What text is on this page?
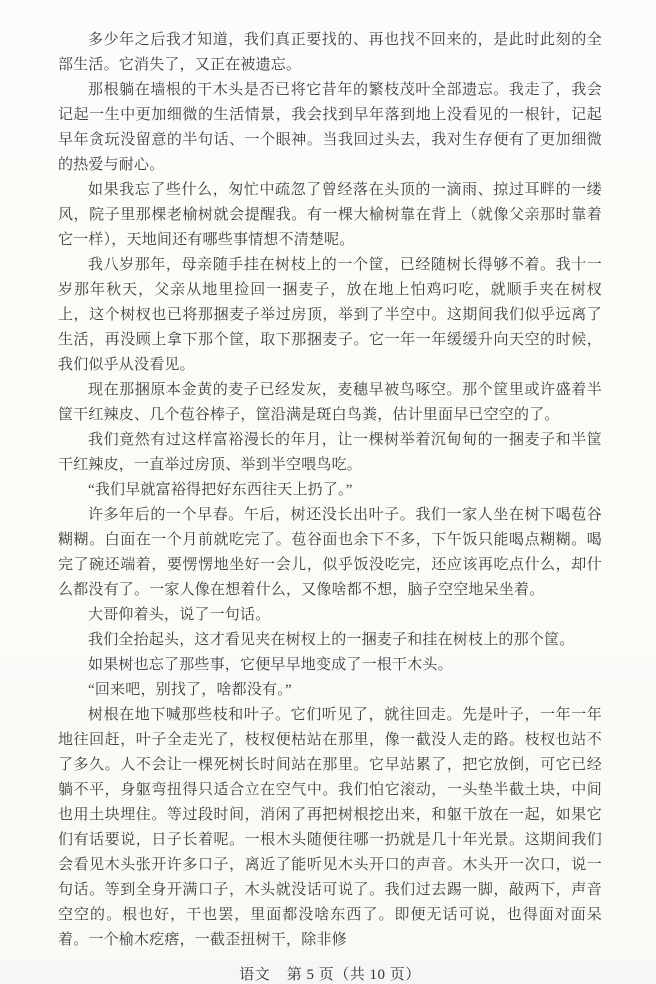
多少年之后我才知道，我们真正要找的、再也找不回来的，是此时此刻的全部生活。它消失了，又正在被遗忘。

那根躺在墙根的干木头是否已将它昔年的繁枝茂叶全部遗忘。我走了，我会记起一生中更加细微的生活情景，我会找到早年落到地上没看见的一根针，记起早年贪玩没留意的半句话、一个眼神。当我回过头去，我对生存便有了更加细微的热爱与耐心。

如果我忘了些什么，匆忙中疏忽了曾经落在头顶的一滴雨、掠过耳畔的一缕风，院子里那棵老榆树就会提醒我。有一棵大榆树靠在背上（就像父亲那时靠着它一样），天地间还有哪些事情想不清楚呢。

我八岁那年，母亲随手挂在树枝上的一个筐，已经随树长得够不着。我十一岁那年秋天，父亲从地里捡回一捆麦子，放在地上怕鸡叼吃，就顺手夹在树杈上，这个树杈也已将那捆麦子举过房顶，举到了半空中。这期间我们似乎远离了生活，再没顾上拿下那个筐，取下那捆麦子。它一年一年缓缓升向天空的时候，我们似乎从没看见。

现在那捆原本金黄的麦子已经发灰，麦穗早被鸟啄空。那个筐里或许盛着半筐干红辣皮、几个苞谷棒子，筐沿满是斑白鸟粪，估计里面早已空空的了。

我们竟然有过这样富裕漫长的年月，让一棵树举着沉甸甸的一捆麦子和半筐干红辣皮，一直举过房顶、举到半空喂鸟吃。

“我们早就富裕得把好东西往天上扔了。”

许多年后的一个早春。午后，树还没长出叶子。我们一家人坐在树下喝苞谷糊糊。白面在一个月前就吃完了。苞谷面也余下不多，下午饭只能喝点糊糊。喝完了碗还端着，要愣愣地坐好一会儿，似乎饭没吃完，还应该再吃点什么，却什么都没有了。一家人像在想着什么，又像啥都不想，脑子空空地呆坐着。

大哥仰着头，说了一句话。

我们全抬起头，这才看见夹在树杈上的一捆麦子和挂在树枝上的那个筐。

如果树也忘了那些事，它便早早地变成了一根干木头。

“回来吧，别找了，啥都没有。”

树根在地下喊那些枝和叶子。它们听见了，就往回走。先是叶子，一年一年地往回赶，叶子全走光了，枝杈便枯站在那里，像一截没人走的路。枝杈也站不了多久。人不会让一棵死树长时间站在那里。它早站累了，把它放倒，可它已经躺不平，身躯弯扭得只适合立在空气中。我们怕它滚动，一头垫半截土块，中间也用土块埋住。等过段时间，消闲了再把树根挖出来，和躯干放在一起，如果它们有话要说，日子长着呢。一根木头随便往哪一扔就是几十年光景。这期间我们会看见木头张开许多口子，离近了能听见木头开口的声音。木头开一次口，说一句话。等到全身开满口子，木头就没话可说了。我们过去踢一脚，敲两下，声音空空的。根也好，干也罢，里面都没啥东西了。即便无话可说，也得面对面呆着。一个榆木疙瘩，一截歪扭树干，除非修

语文 第 5 页（共 10 页）
